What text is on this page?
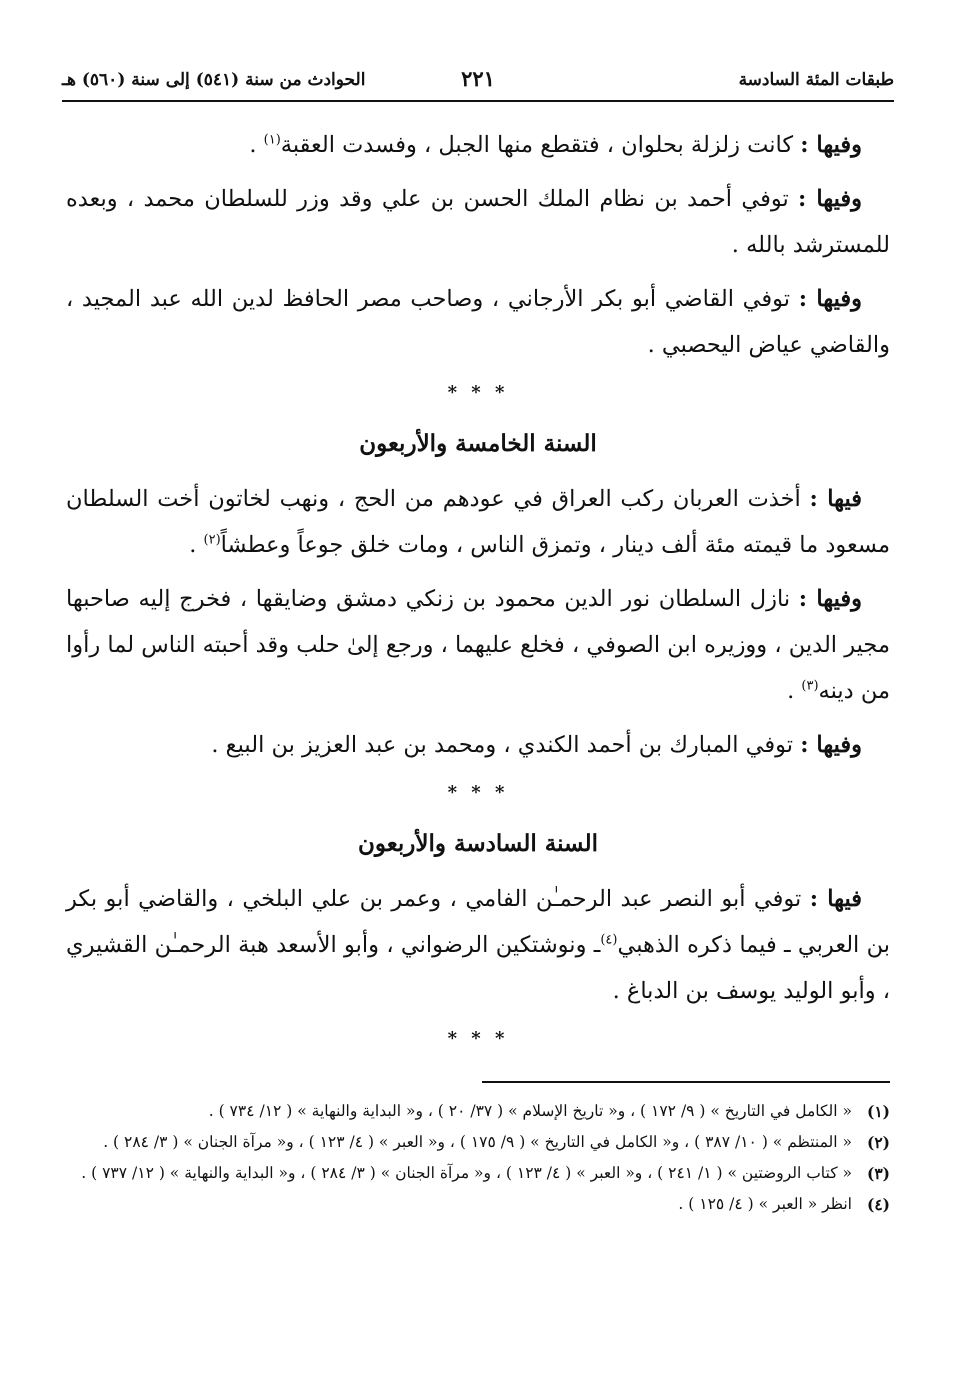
طبقات المئة السادسة
٢٢١
الحوادث من سنة (٥٤١) إلى سنة (٥٦٠) هـ

وفيها : كانت زلزلة بحلوان ، فتقطع منها الجبل ، وفسدت العقبة$^{(١)}$ .

وفيها : توفي أحمد بن نظام الملك الحسن بن علي وقد وزر للسلطان محمد ، وبعده للمسترشد بالله .

وفيها : توفي القاضي أبو بكر الأرجاني ، وصاحب مصر الحافظ لدين الله عبد المجيد ، والقاضي عياض اليحصبي .

* * *
السنة الخامسة والأربعون

فيها : أخذت العربان ركب العراق في عودهم من الحج ، ونهب لخاتون أخت السلطان مسعود ما قيمته مئة ألف دينار ، وتمزق الناس ، ومات خلق جوعاً وعطشاً$^{(٢)}$ .

وفيها : نازل السلطان نور الدين محمود بن زنكي دمشق وضايقها ، فخرج إليه صاحبها مجير الدين ، ووزيره ابن الصوفي ، فخلع عليهما ، ورجع إلىٰ حلب وقد أحبته الناس لما رأوا من دينه$^{(٣)}$ .

وفيها : توفي المبارك بن أحمد الكندي ، ومحمد بن عبد العزيز بن البيع .

* * *
السنة السادسة والأربعون

فيها : توفي أبو النصر عبد الرحمـٰن الفامي ، وعمر بن علي البلخي ، والقاضي أبو بكر بن العربي ـ فيما ذكره الذهبي$^{(٤)}$ـ ونوشتكين الرضواني ، وأبو الأسعد هبة الرحمـٰن القشيري ، وأبو الوليد يوسف بن الدباغ .

* * *
(١)
« الكامل في التاريخ » ( ٩/ ١٧٢ ) ، و« تاريخ الإسلام » ( ٣٧/ ٢٠ ) ، و« البداية والنهاية » ( ١٢/ ٧٣٤ ) .
(٢)
« المنتظم » ( ١٠/ ٣٨٧ ) ، و« الكامل في التاريخ » ( ٩/ ١٧٥ ) ، و« العبر » ( ٤/ ١٢٣ ) ، و« مرآة الجنان » ( ٣/ ٢٨٤ ) .
(٣)
« كتاب الروضتين » ( ١/ ٢٤١ ) ، و« العبر » ( ٤/ ١٢٣ ) ، و« مرآة الجنان » ( ٣/ ٢٨٤ ) ، و« البداية والنهاية » ( ١٢/ ٧٣٧ ) .
(٤)
انظر « العبر » ( ٤/ ١٢٥ ) .
